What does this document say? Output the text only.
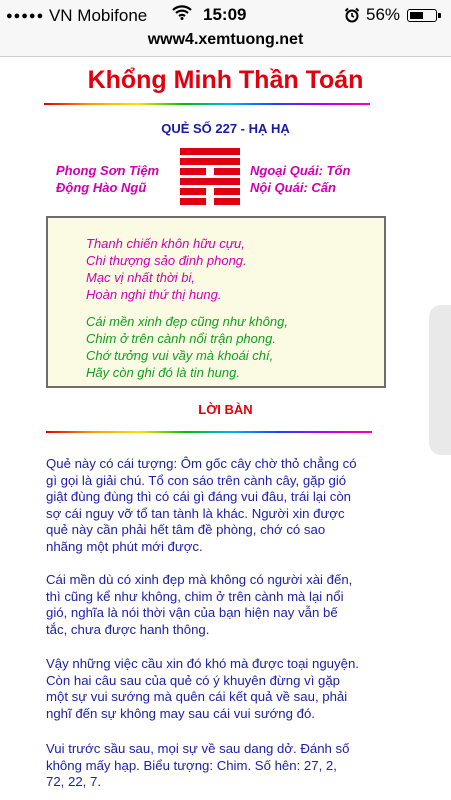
●●●●● VN Mobifone	15:09	56%
www4.xemtuong.net
Khổng Minh Thần Toán
QUẺ SỐ 227 - HẠ HẠ
Phong Sơn Tiệm
Động Hào Ngũ
Ngoại Quái: Tốn
Nội Quái: Cấn
Thanh chiến khôn hữu cựu,
Chi thượng sảo đinh phong.
Mạc vị nhất thời bi,
Hoàn nghi thứ thị hung.
Cái mền xinh đẹp cũng như không,
Chim ở trên cành nổi trận phong.
Chớ tưởng vui vầy mà khoái chí,
Hãy còn ghi đó là tin hung.
LỜI BÀN
Quẻ này có cái tượng: Ôm gốc cây chờ thỏ chẳng có
gì gọi là giải chú. Tổ con sáo trên cành cây, gặp gió
giật đùng đùng thì có cái gì đáng vui đâu, trái lại còn
sợ cái nguy vỡ tổ tan tành là khác. Người xin được
quẻ này cần phải hết tâm đề phòng, chớ có sao
nhãng một phút mới được.
Cái mền dù có xinh đẹp mà không có người xài đến,
thì cũng kể như không, chim ở trên cành mà lại nổi
gió, nghĩa là nói thời vận của bạn hiện nay vẫn bế
tắc, chưa được hanh thông.
Vậy những việc cầu xin đó khó mà được toại nguyện.
Còn hai câu sau của quẻ có ý khuyên đừng vì gặp
một sự vui sướng mà quên cái kết quả về sau, phải
nghĩ đến sự không may sau cái vui sướng đó.
Vui trước sầu sau, mọi sự về sau dang dở. Đánh số
không mấy hạp. Biểu tượng: Chim. Số hên: 27, 2,
72, 22, 7.
